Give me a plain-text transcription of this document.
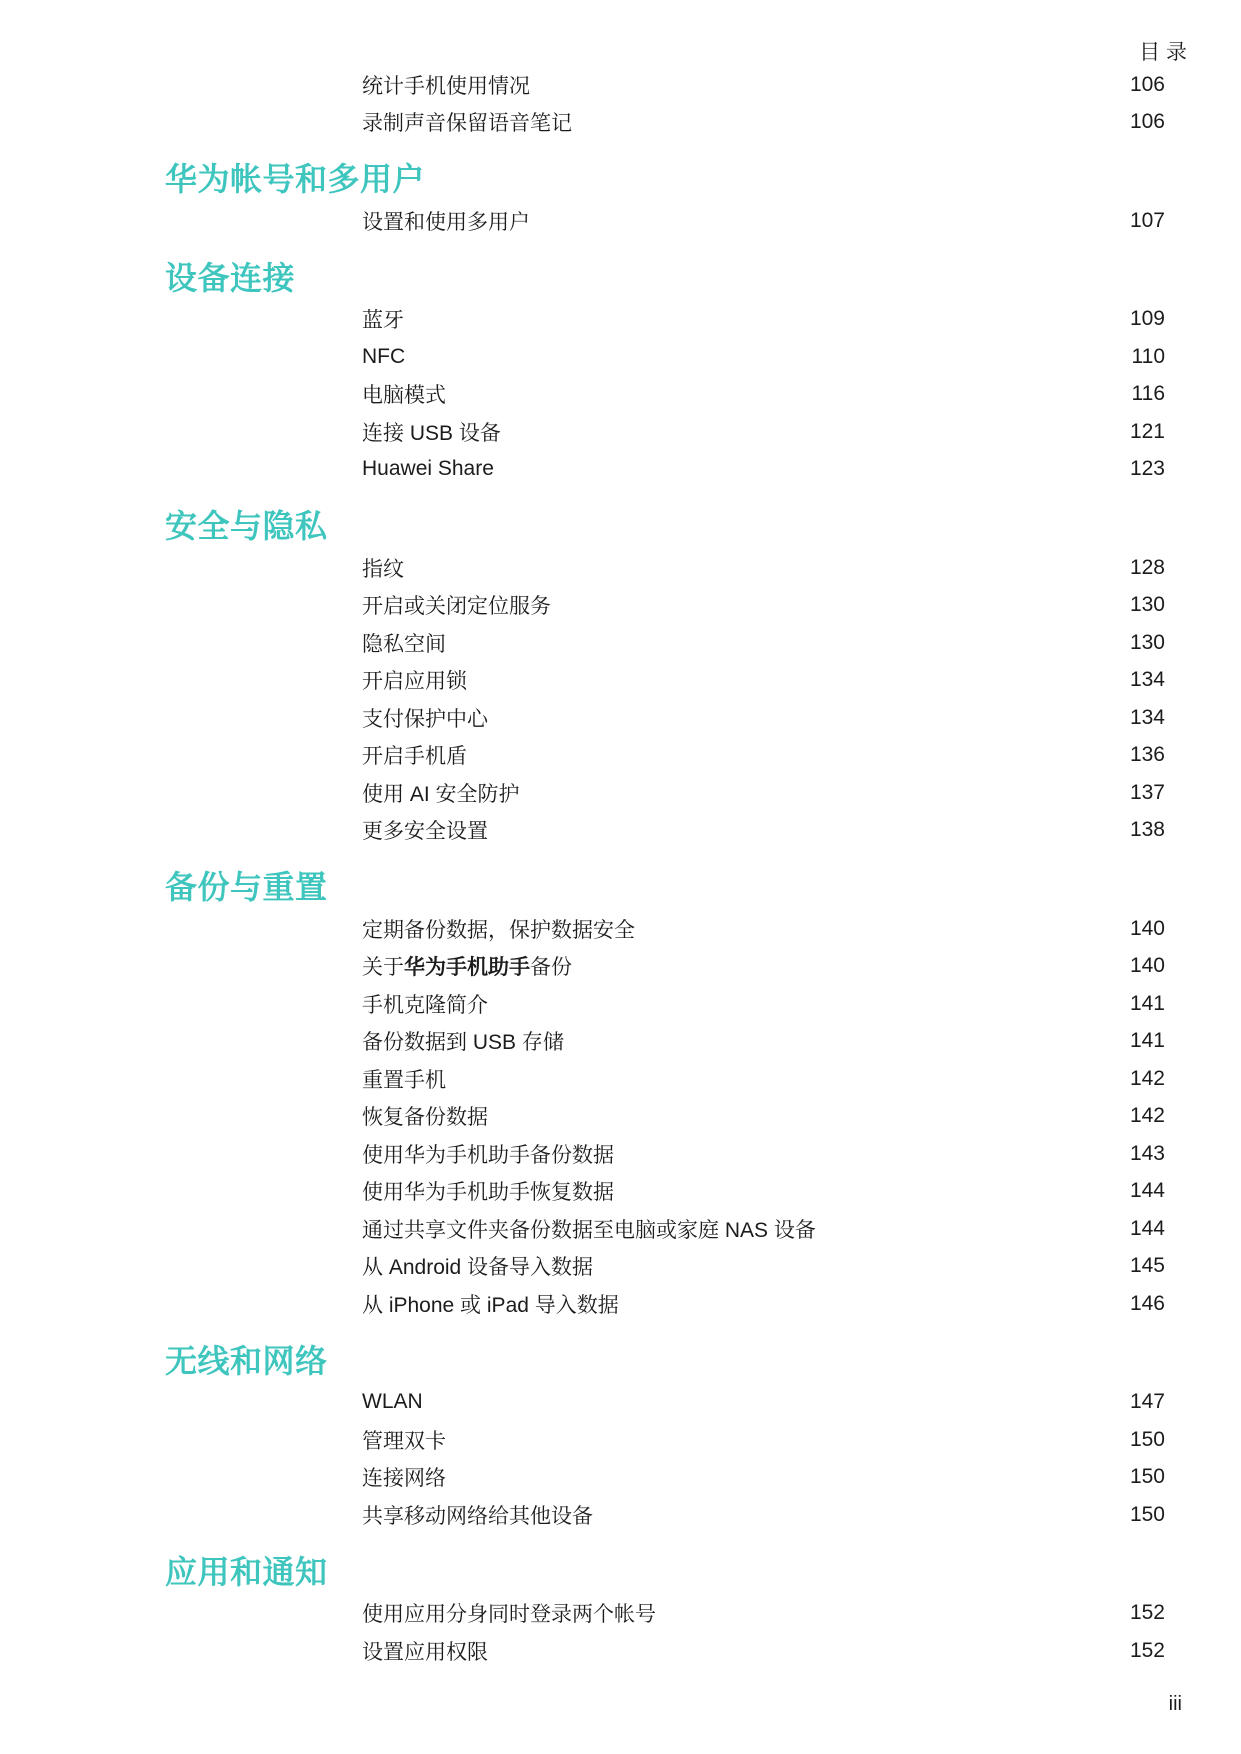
目 录
统计手机使用情况	106
录制声音保留语音笔记	106
华为帐号和多用户
设置和使用多用户	107
设备连接
蓝牙	109
NFC	110
电脑模式	116
连接 USB 设备	121
Huawei Share	123
安全与隐私
指纹	128
开启或关闭定位服务	130
隐私空间	130
开启应用锁	134
支付保护中心	134
开启手机盾	136
使用 AI 安全防护	137
更多安全设置	138
备份与重置
定期备份数据，保护数据安全	140
关于华为手机助手备份	140
手机克隆简介	141
备份数据到 USB 存储	141
重置手机	142
恢复备份数据	142
使用华为手机助手备份数据	143
使用华为手机助手恢复数据	144
通过共享文件夹备份数据至电脑或家庭 NAS 设备	144
从 Android 设备导入数据	145
从 iPhone 或 iPad 导入数据	146
无线和网络
WLAN	147
管理双卡	150
连接网络	150
共享移动网络给其他设备	150
应用和通知
使用应用分身同时登录两个帐号	152
设置应用权限	152
iii
